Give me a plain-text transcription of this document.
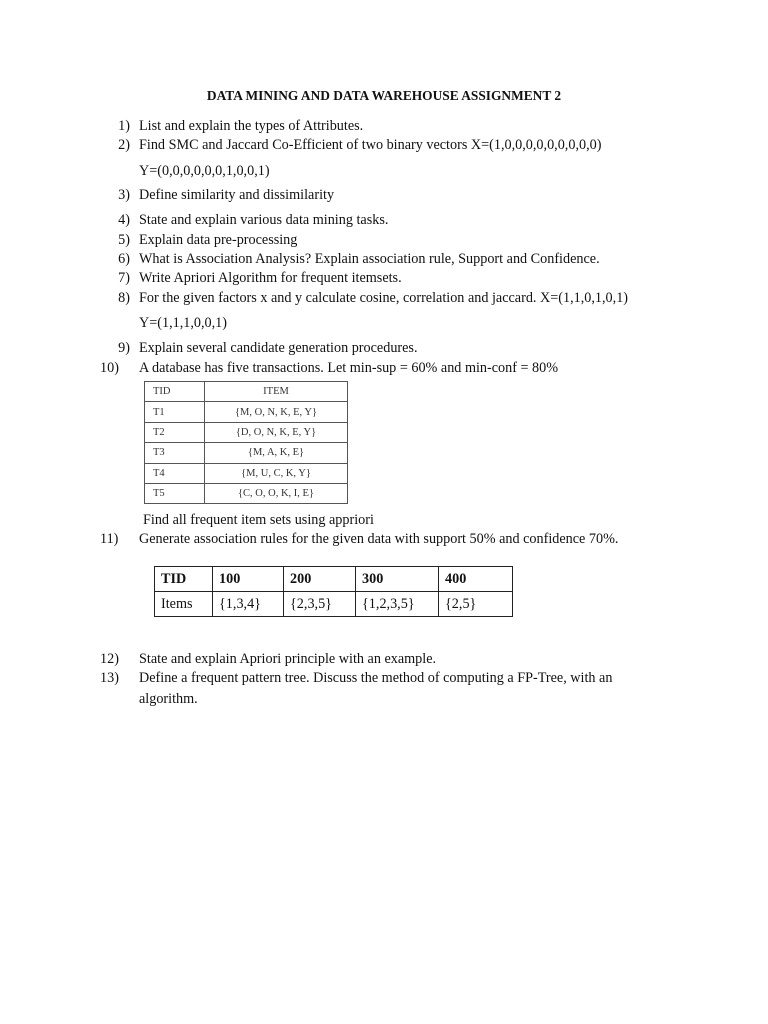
DATA MINING AND DATA WAREHOUSE ASSIGNMENT 2
1) List and explain the types of Attributes.
2) Find SMC and Jaccard Co-Efficient of two binary vectors X=(1,0,0,0,0,0,0,0,0,0)
Y=(0,0,0,0,0,0,1,0,0,1)
3) Define similarity and dissimilarity
4) State and explain various data mining tasks.
5) Explain data pre-processing
6) What is Association Analysis? Explain association rule, Support and Confidence.
7) Write Apriori Algorithm for frequent itemsets.
8) For the given factors x and y calculate cosine, correlation and jaccard. X=(1,1,0,1,0,1)
Y=(1,1,1,0,0,1)
9) Explain several candidate generation procedures.
10)	A database has five transactions. Let min-sup = 60% and min-conf = 80%
TID	ITEM
T1	{M, O, N, K, E, Y}
T2	{D, O, N, K, E, Y}
T3	{M, A, K, E}
T4	{M, U, C, K, Y}
T5	{C, O, O, K, I, E}
Find all frequent item sets using appriori
11)	Generate association rules for the given data with support 50% and confidence 70%.
TID	100	200	300	400
Items	{1,3,4}	{2,3,5}	{1,2,3,5}	{2,5}
12)	State and explain Apriori principle with an example.
13)	Define a frequent pattern tree. Discuss the method of computing a FP-Tree, with an
algorithm.
